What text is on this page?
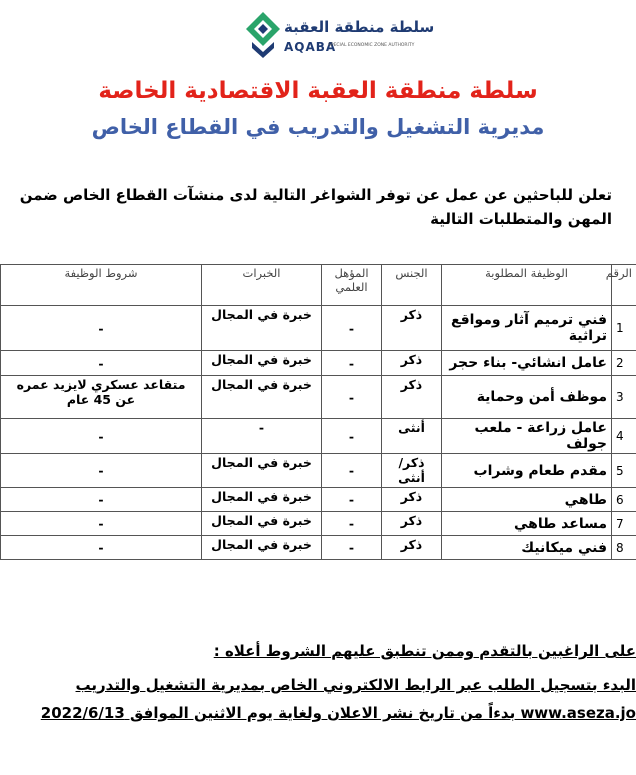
سلطة منطقة العقبة
AQABA
SPECIAL ECONOMIC ZONE AUTHORITY
سلطة منطقة العقبة الاقتصادية الخاصة
مديرية التشغيل والتدريب في القطاع الخاص
تعلن للباحثين عن عمل عن توفر الشواغر التالية لدى منشآت القطاع الخاص ضمن المهن والمتطلبات التالية
الرقم	الوظيفة المطلوبة	الجنس	المؤهل العلمي	الخبرات	شروط الوظيفة
1	فني ترميم آثار ومواقع تراثية	ذكر	-	خبرة في المجال	-
2	عامل انشائي- بناء حجر	ذكر	-	خبرة في المجال	-
3	موظف أمن وحماية	ذكر	-	خبرة في المجال	متقاعد عسكري لايزيد عمره عن 45 عام
4	عامل زراعة - ملعب جولف	أنثى	-	-	-
5	مقدم طعام وشراب	ذكر/أنثى	-	خبرة في المجال	-
6	طاهي	ذكر	-	خبرة في المجال	-
7	مساعد طاهي	ذكر	-	خبرة في المجال	-
8	فني ميكانيك	ذكر	-	خبرة في المجال	-
على الراغبين بالتقدم وممن تنطبق عليهم الشروط أعلاه :
البدء بتسجيل الطلب عبر الرابط الالكتروني الخاص بمديرية التشغيل والتدريب
www.aseza.jo بدءاً من تاريخ نشر الاعلان ولغاية يوم الاثنين الموافق 2022/6/13
